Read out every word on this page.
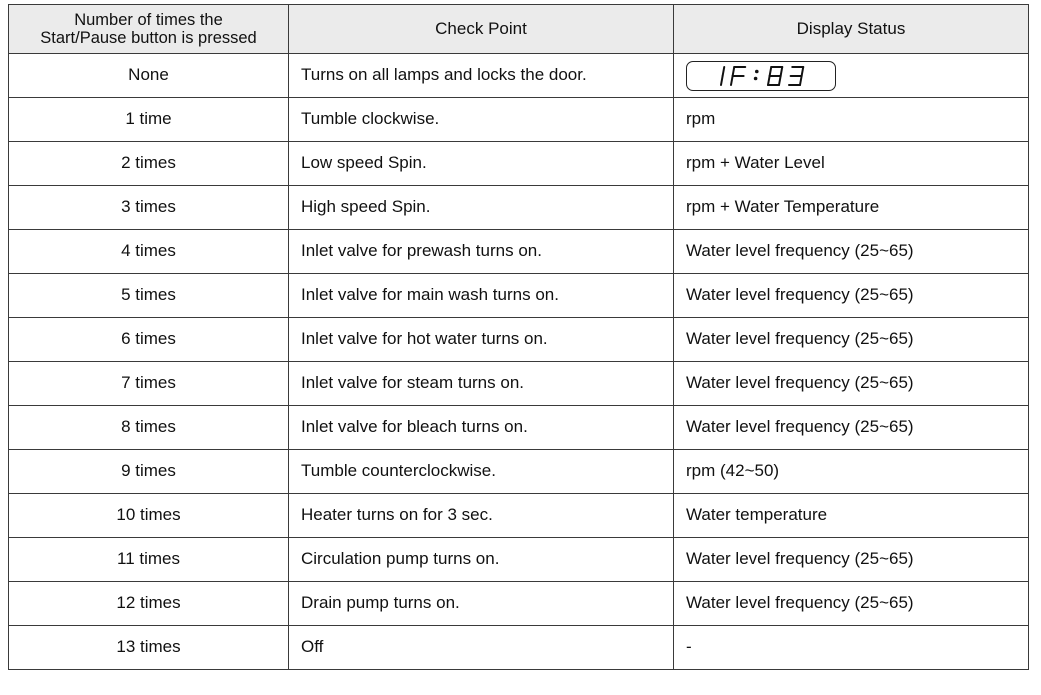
Number of times the
Start/Pause button is pressed	Check Point	Display Status
None	Turns on all lamps and locks the door.	

1 time	Tumble clockwise.	rpm
2 times	Low speed Spin.	rpm + Water Level
3 times	High speed Spin.	rpm + Water Temperature
4 times	Inlet valve for prewash turns on.	Water level frequency (25~65)
5 times	Inlet valve for main wash turns on.	Water level frequency (25~65)
6 times	Inlet valve for hot water turns on.	Water level frequency (25~65)
7 times	Inlet valve for steam turns on.	Water level frequency (25~65)
8 times	Inlet valve for bleach turns on.	Water level frequency (25~65)
9 times	Tumble counterclockwise.	rpm (42~50)
10 times	Heater turns on for 3 sec.	Water temperature
11 times	Circulation pump turns on.	Water level frequency (25~65)
12 times	Drain pump turns on.	Water level frequency (25~65)
13 times	Off	-
